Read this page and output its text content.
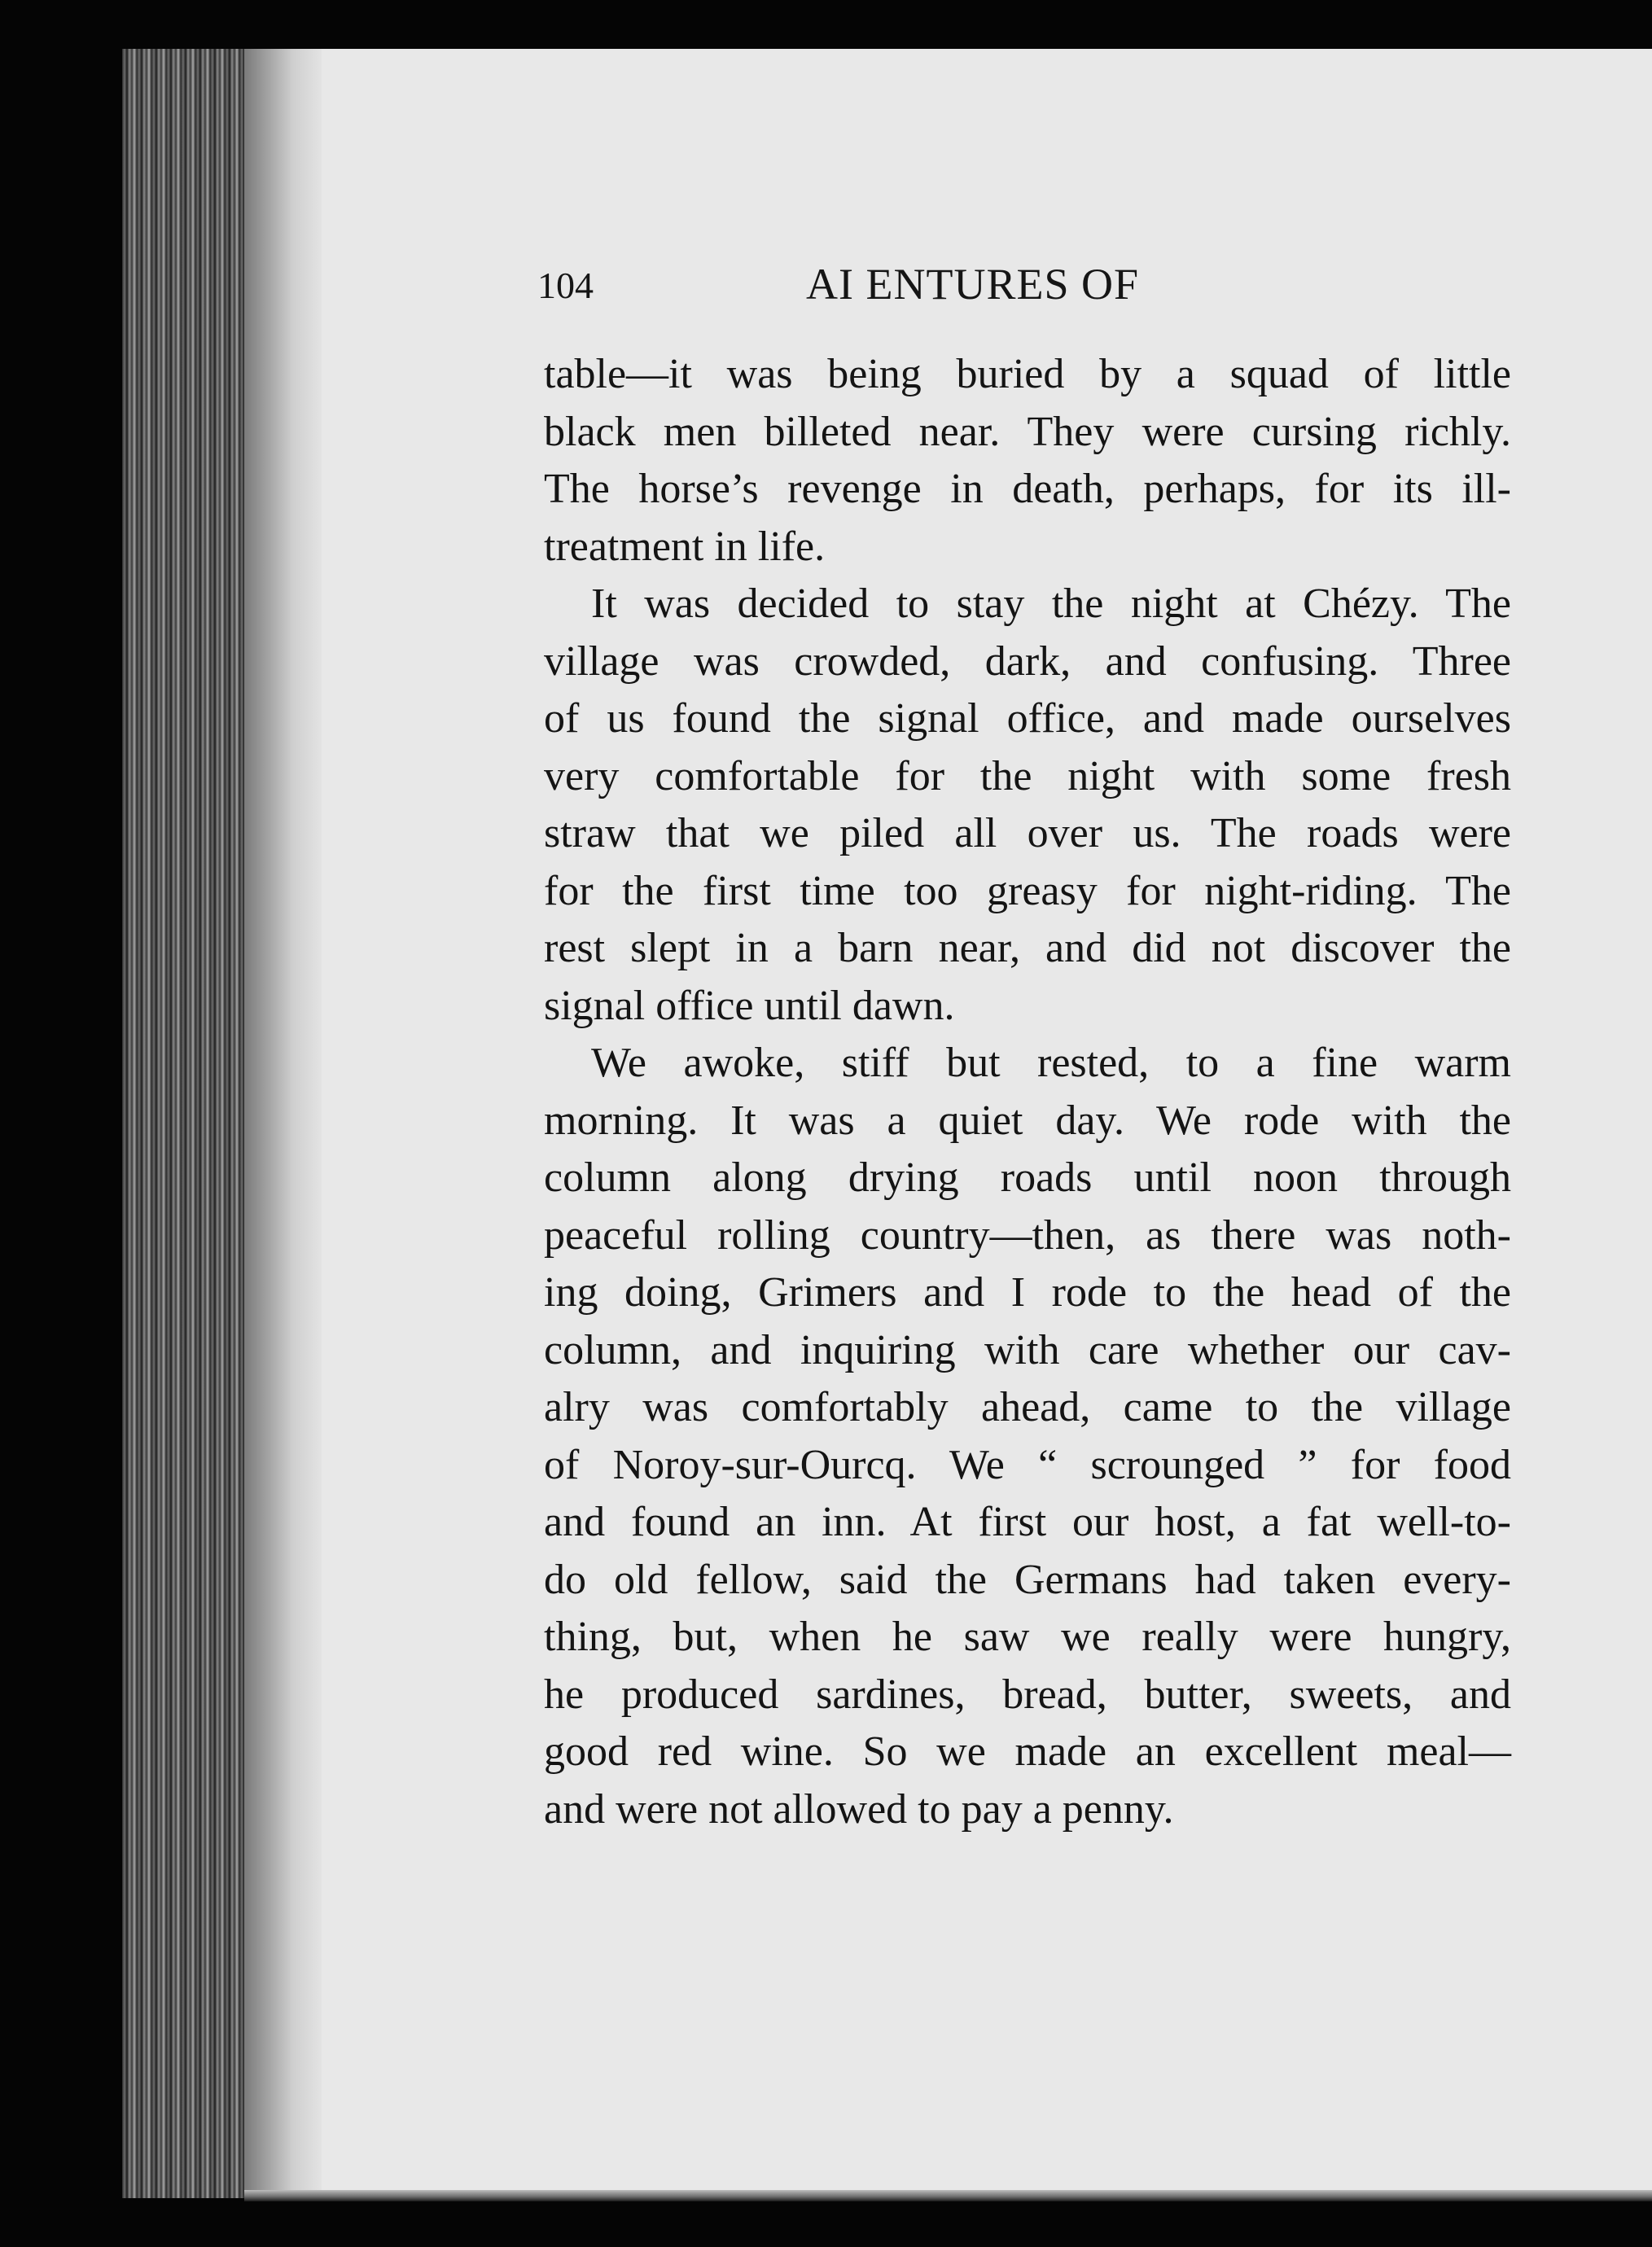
104	AI ENTURES OF

table—it was being buried by a squad of little
black men billeted near. They were cursing richly.
The horse’s revenge in death, perhaps, for its ill-
treatment in life.

It was decided to stay the night at Chézy. The
village was crowded, dark, and confusing. Three
of us found the signal office, and made ourselves
very comfortable for the night with some fresh
straw that we piled all over us. The roads were
for the first time too greasy for night-riding. The
rest slept in a barn near, and did not discover the
signal office until dawn.

We awoke, stiff but rested, to a fine warm
morning. It was a quiet day. We rode with the
column along drying roads until noon through
peaceful rolling country—then, as there was noth-
ing doing, Grimers and I rode to the head of the
column, and inquiring with care whether our cav-
alry was comfortably ahead, came to the village
of Noroy-sur-Ourcq. We “ scrounged ” for food
and found an inn. At first our host, a fat well-to-
do old fellow, said the Germans had taken every-
thing, but, when he saw we really were hungry,
he produced sardines, bread, butter, sweets, and
good red wine. So we made an excellent meal—
and were not allowed to pay a penny.
